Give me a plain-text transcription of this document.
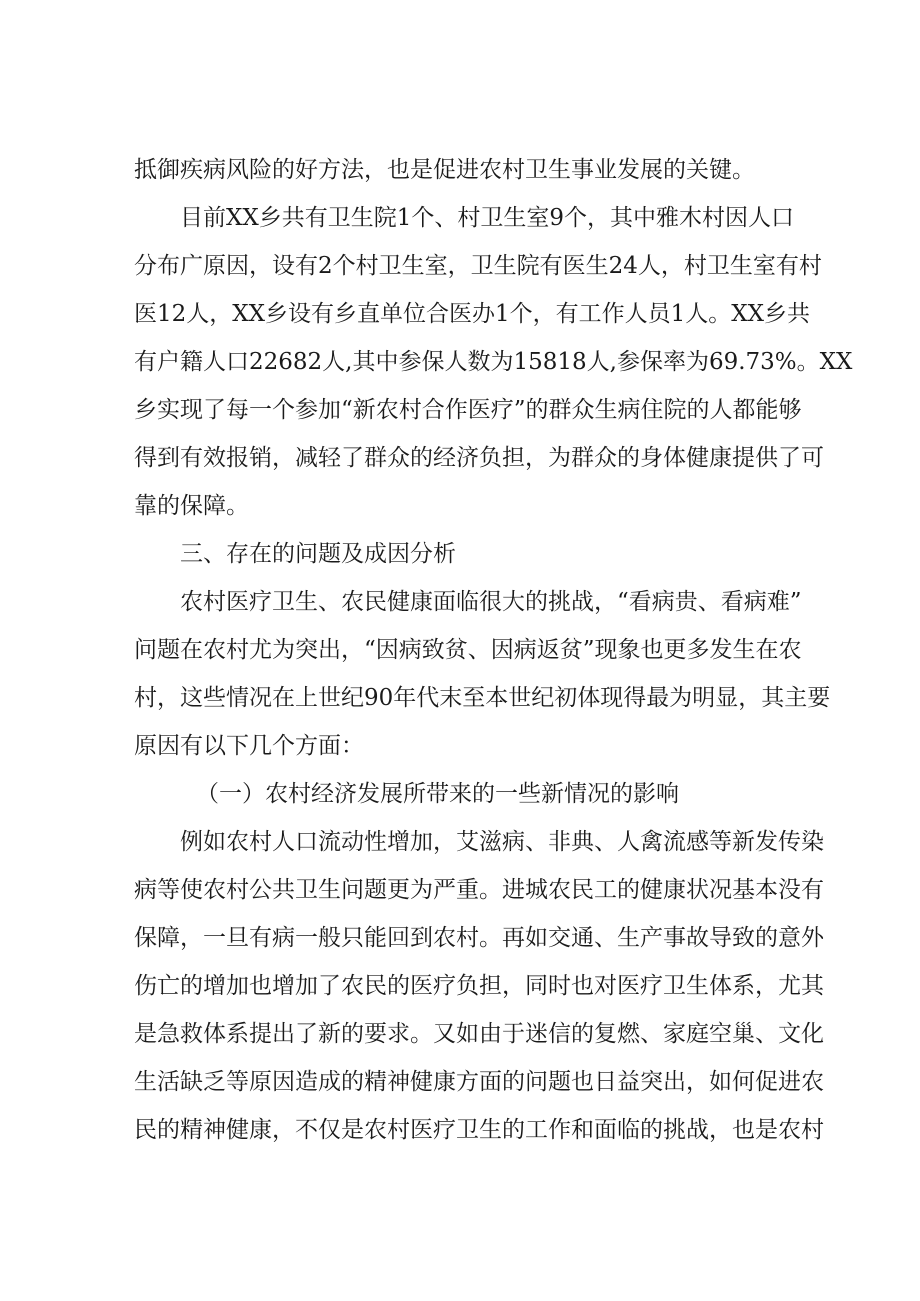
抵御疾病风险的好方法，也是促进农村卫生事业发展的关键。
目前XX乡共有卫生院1个、村卫生室9个，其中雅木村因人口
分布广原因，设有2个村卫生室，卫生院有医生24人，村卫生室有村
医12人，XX乡设有乡直单位合医办1个，有工作人员1人。XX乡共
有户籍人口22682人,其中参保人数为15818人,参保率为69.73%。XX
乡实现了每一个参加“新农村合作医疗”的群众生病住院的人都能够
得到有效报销，减轻了群众的经济负担，为群众的身体健康提供了可
靠的保障。
三、存在的问题及成因分析
农村医疗卫生、农民健康面临很大的挑战，“看病贵、看病难”
问题在农村尤为突出，“因病致贫、因病返贫”现象也更多发生在农
村，这些情况在上世纪90年代末至本世纪初体现得最为明显，其主要
原因有以下几个方面：
（一）农村经济发展所带来的一些新情况的影响
例如农村人口流动性增加，艾滋病、非典、人禽流感等新发传染
病等使农村公共卫生问题更为严重。进城农民工的健康状况基本没有
保障，一旦有病一般只能回到农村。再如交通、生产事故导致的意外
伤亡的增加也增加了农民的医疗负担，同时也对医疗卫生体系，尤其
是急救体系提出了新的要求。又如由于迷信的复燃、家庭空巢、文化
生活缺乏等原因造成的精神健康方面的问题也日益突出，如何促进农
民的精神健康，不仅是农村医疗卫生的工作和面临的挑战，也是农村
